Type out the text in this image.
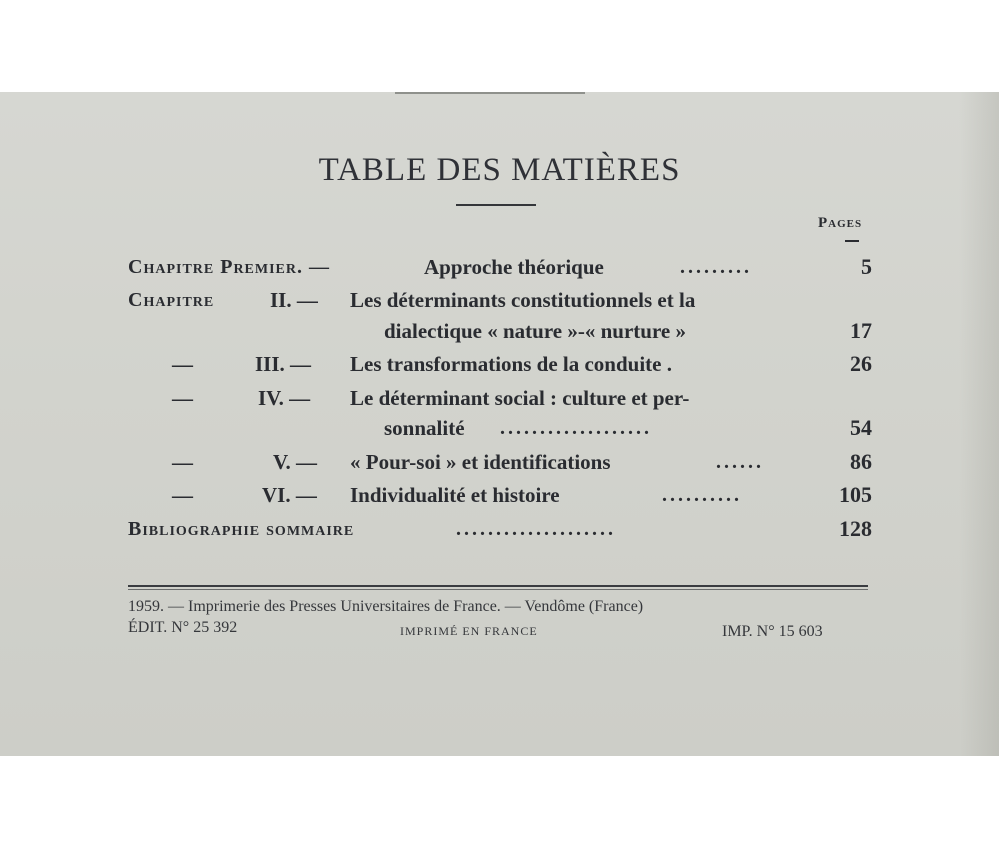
TABLE DES MATIÈRES
Pages
Chapitre Premier. —	Approche théorique	.........	5
Chapitre	II. — Les déterminants constitutionnels et la
dialectique « nature »-« nurture »	17
—	III. — Les transformations de la conduite .	26
—	IV. — Le déterminant social : culture et per-
sonnalité ...................	54
—	V. — « Pour-soi » et identifications	......	86
—	VI. — Individualité et histoire	..........	105
Bibliographie sommaire	....................	128
1959. — Imprimerie des Presses Universitaires de France. — Vendôme (France)
ÉDIT. N° 25 392	IMPRIMÉ EN FRANCE	IMP. N° 15 603
